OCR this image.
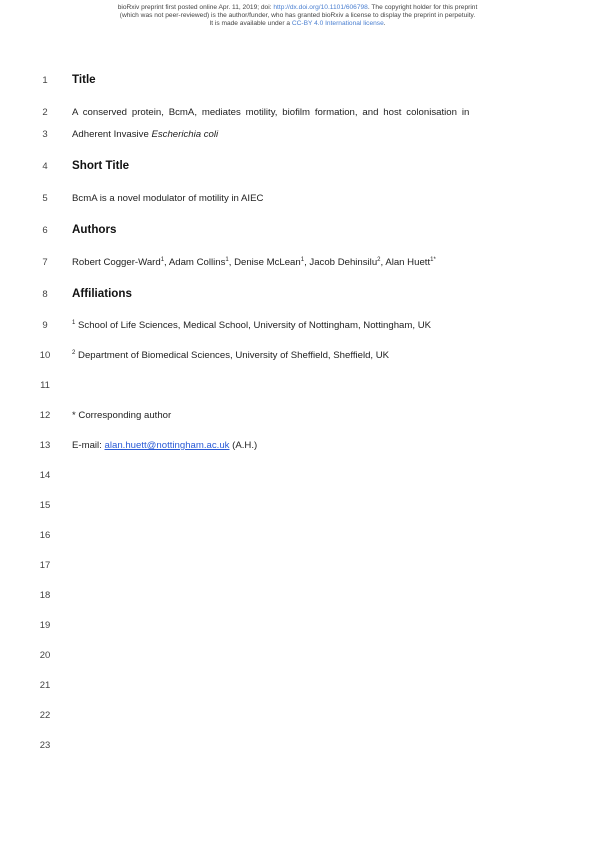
bioRxiv preprint first posted online Apr. 11, 2019; doi: http://dx.doi.org/10.1101/606798. The copyright holder for this preprint
(which was not peer-reviewed) is the author/funder, who has granted bioRxiv a license to display the preprint in perpetuity.
It is made available under a CC-BY 4.0 International license.
1
2
3
4
5
6
7
8
9
10
11
12
13
14
15
16
17
18
19
20
21
22
23
Title
A conserved protein, BcmA, mediates motility, biofilm formation, and host colonisation in
Adherent Invasive Escherichia coli
Short Title
BcmA is a novel modulator of motility in AIEC
Authors
Robert Cogger-Ward$^1$, Adam Collins$^1$, Denise McLean$^1$, Jacob Dehinsilu$^2$, Alan Huett$^{1*}$
Affiliations
$^1$ School of Life Sciences, Medical School, University of Nottingham, Nottingham, UK
$^2$ Department of Biomedical Sciences, University of Sheffield, Sheffield, UK
* Corresponding author
E-mail: alan.huett@nottingham.ac.uk (A.H.)
